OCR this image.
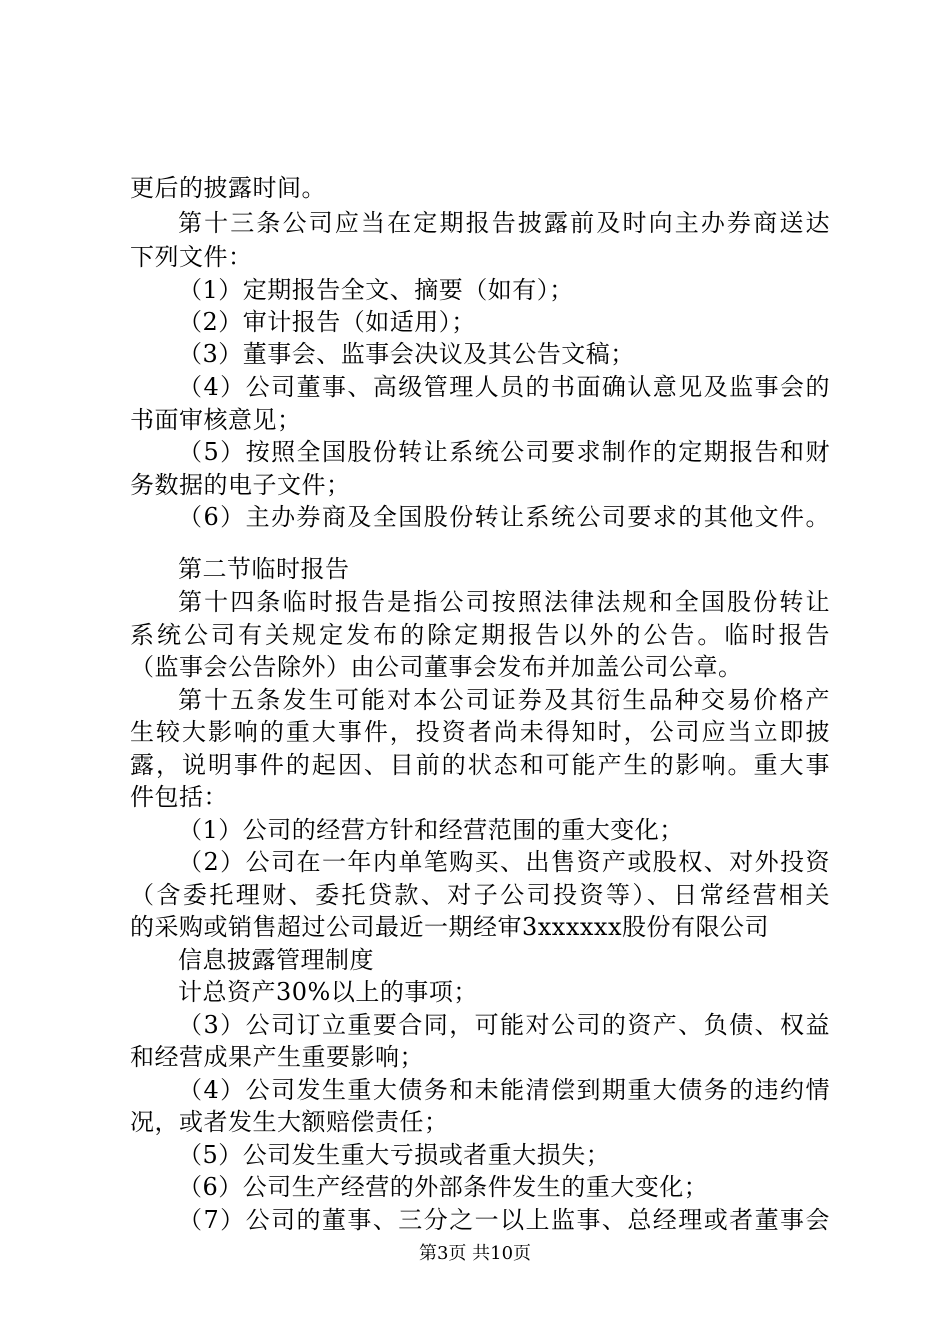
更后的披露时间。
第十三条公司应当在定期报告披露前及时向主办券商送达
下列文件：
（1）定期报告全文、摘要（如有）；
（2）审计报告（如适用）；
（3）董事会、监事会决议及其公告文稿；
（4）公司董事、高级管理人员的书面确认意见及监事会的
书面审核意见；
（5）按照全国股份转让系统公司要求制作的定期报告和财
务数据的电子文件；
（6）主办券商及全国股份转让系统公司要求的其他文件。
第二节临时报告
第十四条临时报告是指公司按照法律法规和全国股份转让
系统公司有关规定发布的除定期报告以外的公告。临时报告
（监事会公告除外）由公司董事会发布并加盖公司公章。
第十五条发生可能对本公司证券及其衍生品种交易价格产
生较大影响的重大事件，投资者尚未得知时，公司应当立即披
露，说明事件的起因、目前的状态和可能产生的影响。重大事
件包括：
（1）公司的经营方针和经营范围的重大变化；
（2）公司在一年内单笔购买、出售资产或股权、对外投资
（含委托理财、委托贷款、对子公司投资等）、日常经营相关
的采购或销售超过公司最近一期经审3xxxxxx股份有限公司
信息披露管理制度
计总资产30%以上的事项；
（3）公司订立重要合同，可能对公司的资产、负债、权益
和经营成果产生重要影响；
（4）公司发生重大债务和未能清偿到期重大债务的违约情
况，或者发生大额赔偿责任；
（5）公司发生重大亏损或者重大损失；
（6）公司生产经营的外部条件发生的重大变化；
（7）公司的董事、三分之一以上监事、总经理或者董事会
第3页 共10页
